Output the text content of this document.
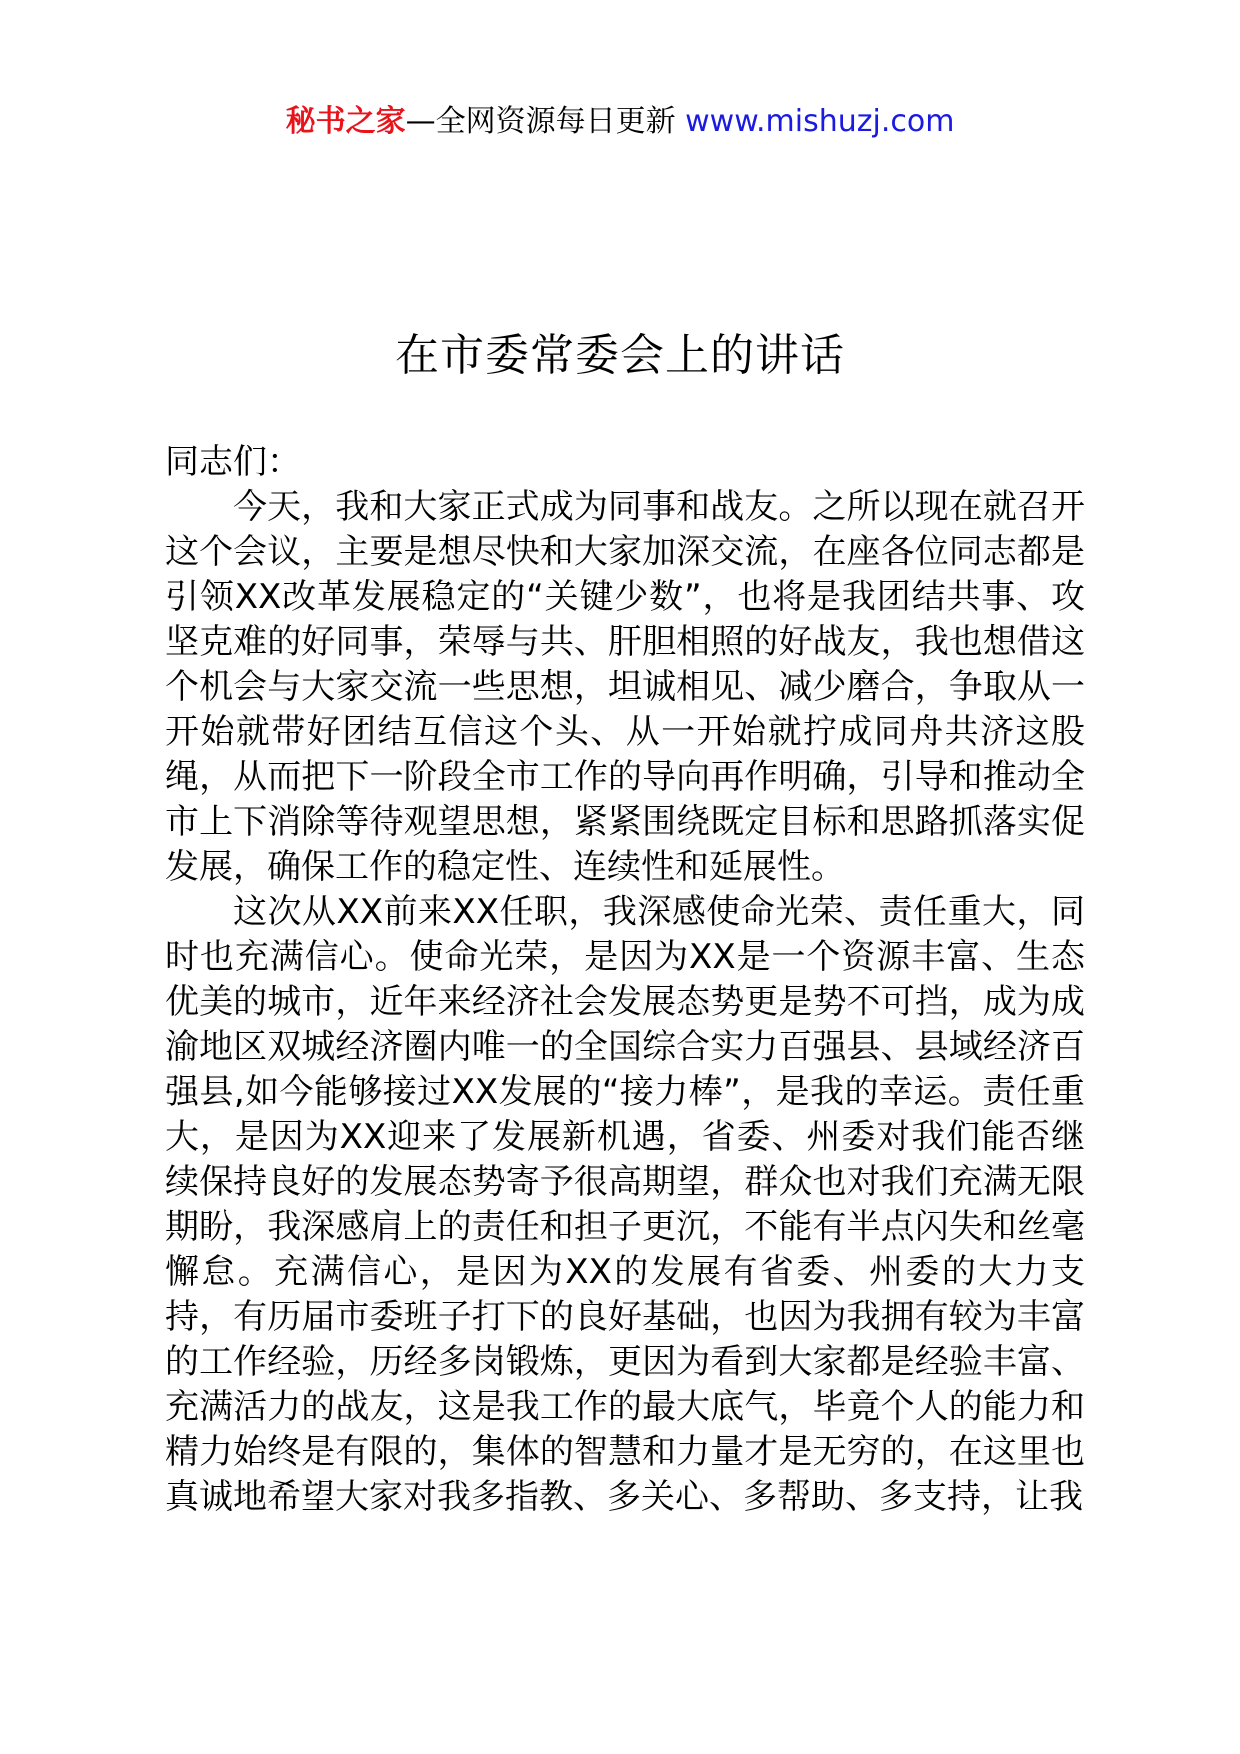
秘书之家—全网资源每日更新 www.mishuzj.com
在市委常委会上的讲话

同志们：

今天，我和大家正式成为同事和战友。之所以现在就召开这个会议，主要是想尽快和大家加深交流，在座各位同志都是引领XX改革发展稳定的“关键少数”，也将是我团结共事、攻坚克难的好同事，荣辱与共、肝胆相照的好战友，我也想借这个机会与大家交流一些思想，坦诚相见、减少磨合，争取从一开始就带好团结互信这个头、从一开始就拧成同舟共济这股绳，从而把下一阶段全市工作的导向再作明确，引导和推动全市上下消除等待观望思想，紧紧围绕既定目标和思路抓落实促发展，确保工作的稳定性、连续性和延展性。

这次从XX前来XX任职，我深感使命光荣、责任重大，同时也充满信心。使命光荣，是因为XX是一个资源丰富、生态优美的城市，近年来经济社会发展态势更是势不可挡，成为成渝地区双城经济圈内唯一的全国综合实力百强县、县域经济百强县,如今能够接过XX发展的“接力棒”，是我的幸运。责任重大，是因为XX迎来了发展新机遇，省委、州委对我们能否继续保持良好的发展态势寄予很高期望，群众也对我们充满无限期盼，我深感肩上的责任和担子更沉，不能有半点闪失和丝毫懈怠。充满信心，是因为XX的发展有省委、州委的大力支持，有历届市委班子打下的良好基础，也因为我拥有较为丰富的工作经验，历经多岗锻炼，更因为看到大家都是经验丰富、充满活力的战友，这是我工作的最大底气，毕竟个人的能力和精力始终是有限的，集体的智慧和力量才是无穷的，在这里也真诚地希望大家对我多指教、多关心、多帮助、多支持，让我
